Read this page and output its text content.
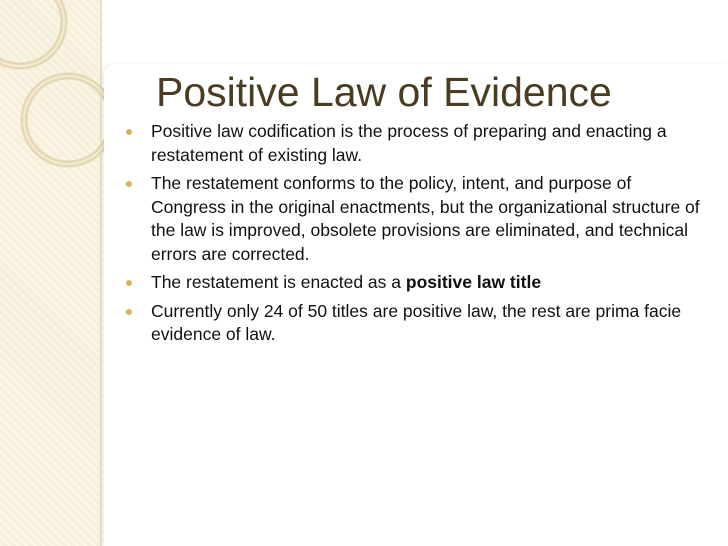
Positive Law of Evidence
Positive law codification is the process of preparing and enacting a restatement of existing law.
The restatement conforms to the policy, intent, and purpose of Congress in the original enactments, but the organizational structure of the law is improved, obsolete provisions are eliminated, and technical errors are corrected.
The restatement is enacted as a positive law title
Currently only 24 of 50 titles are positive law, the rest are prima facie evidence of law.
